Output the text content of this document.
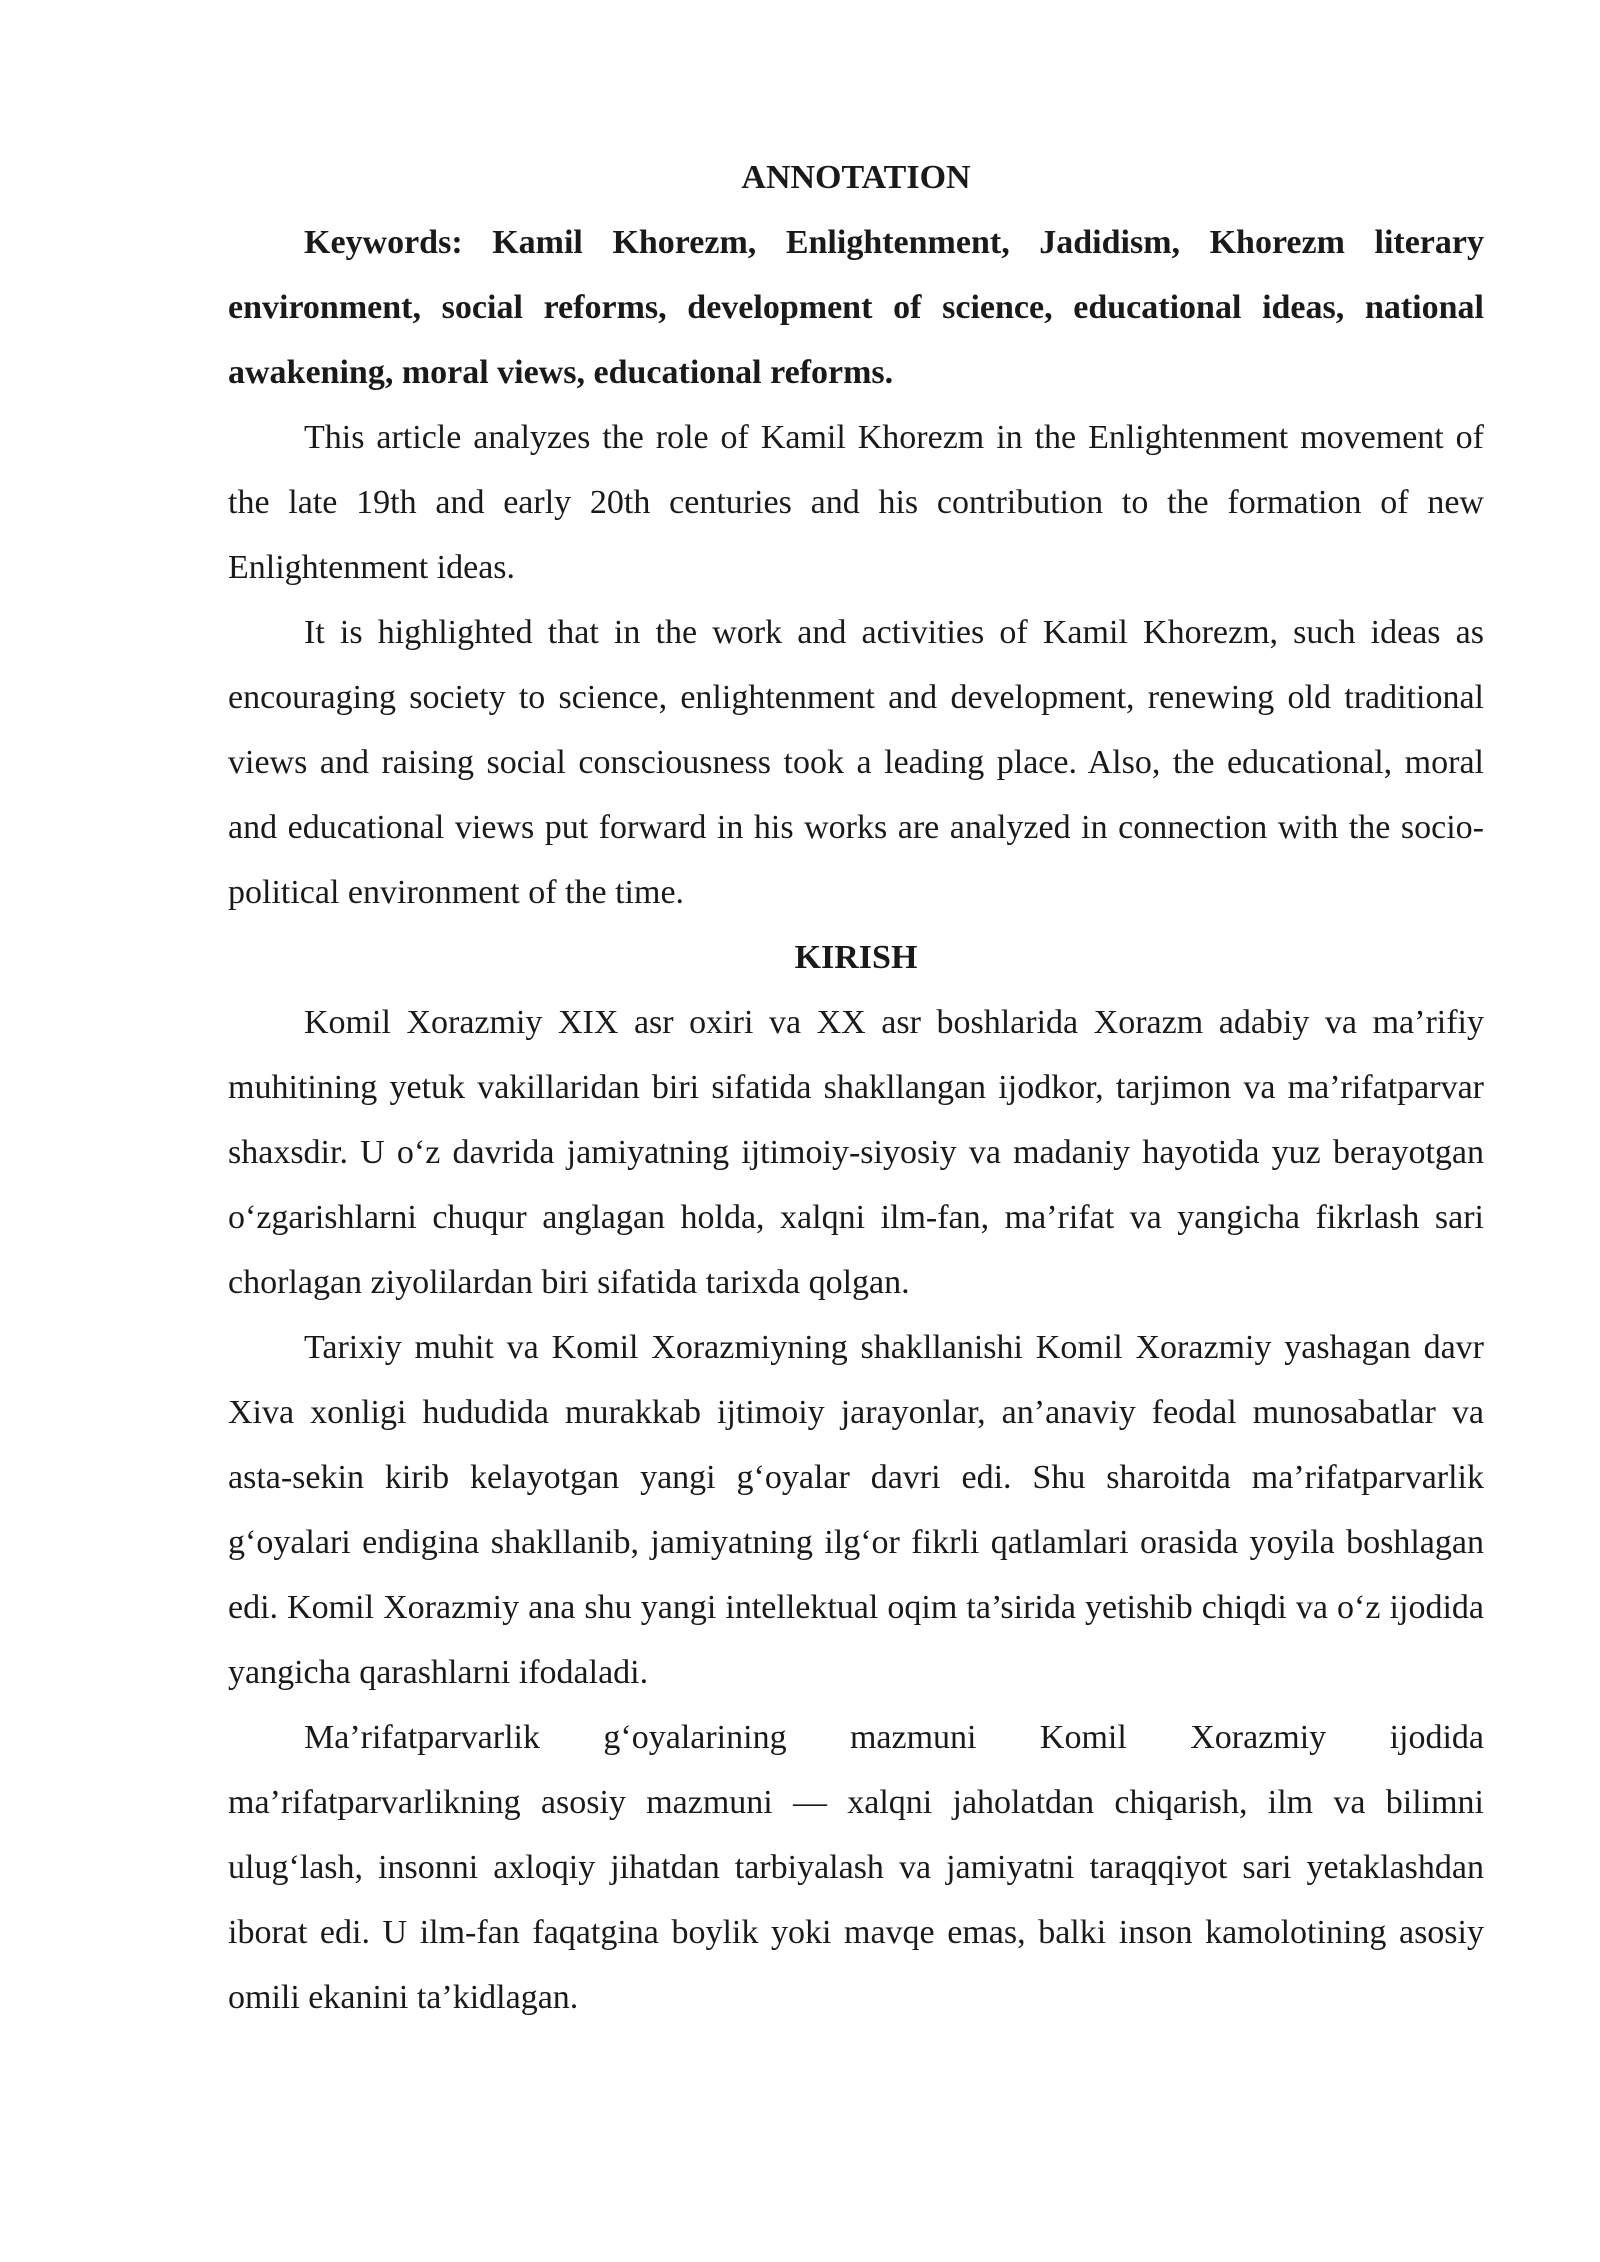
ANNOTATION

Keywords: Kamil Khorezm, Enlightenment, Jadidism, Khorezm literary environment, social reforms, development of science, educational ideas, national awakening, moral views, educational reforms.

This article analyzes the role of Kamil Khorezm in the Enlightenment movement of the late 19th and early 20th centuries and his contribution to the formation of new Enlightenment ideas.

It is highlighted that in the work and activities of Kamil Khorezm, such ideas as encouraging society to science, enlightenment and development, renewing old traditional views and raising social consciousness took a leading place. Also, the educational, moral and educational views put forward in his works are analyzed in connection with the socio-political environment of the time.

KIRISH

Komil Xorazmiy XIX asr oxiri va XX asr boshlarida Xorazm adabiy va ma’rifiy muhitining yetuk vakillaridan biri sifatida shakllangan ijodkor, tarjimon va ma’rifatparvar shaxsdir. U o‘z davrida jamiyatning ijtimoiy-siyosiy va madaniy hayotida yuz berayotgan o‘zgarishlarni chuqur anglagan holda, xalqni ilm-fan, ma’rifat va yangicha fikrlash sari chorlagan ziyolilardan biri sifatida tarixda qolgan.

Tarixiy muhit va Komil Xorazmiyning shakllanishi Komil Xorazmiy yashagan davr Xiva xonligi hududida murakkab ijtimoiy jarayonlar, an’anaviy feodal munosabatlar va asta-sekin kirib kelayotgan yangi g‘oyalar davri edi. Shu sharoitda ma’rifatparvarlik g‘oyalari endigina shakllanib, jamiyatning ilg‘or fikrli qatlamlari orasida yoyila boshlagan edi. Komil Xorazmiy ana shu yangi intellektual oqim ta’sirida yetishib chiqdi va o‘z ijodida yangicha qarashlarni ifodaladi.

Ma’rifatparvarlik g‘oyalarining mazmuni Komil Xorazmiy ijodida ma’rifatparvarlikning asosiy mazmuni — xalqni jaholatdan chiqarish, ilm va bilimni ulug‘lash, insonni axloqiy jihatdan tarbiyalash va jamiyatni taraqqiyot sari yetaklashdan iborat edi. U ilm-fan faqatgina boylik yoki mavqe emas, balki inson kamolotining asosiy omili ekanini ta’kidlagan.
